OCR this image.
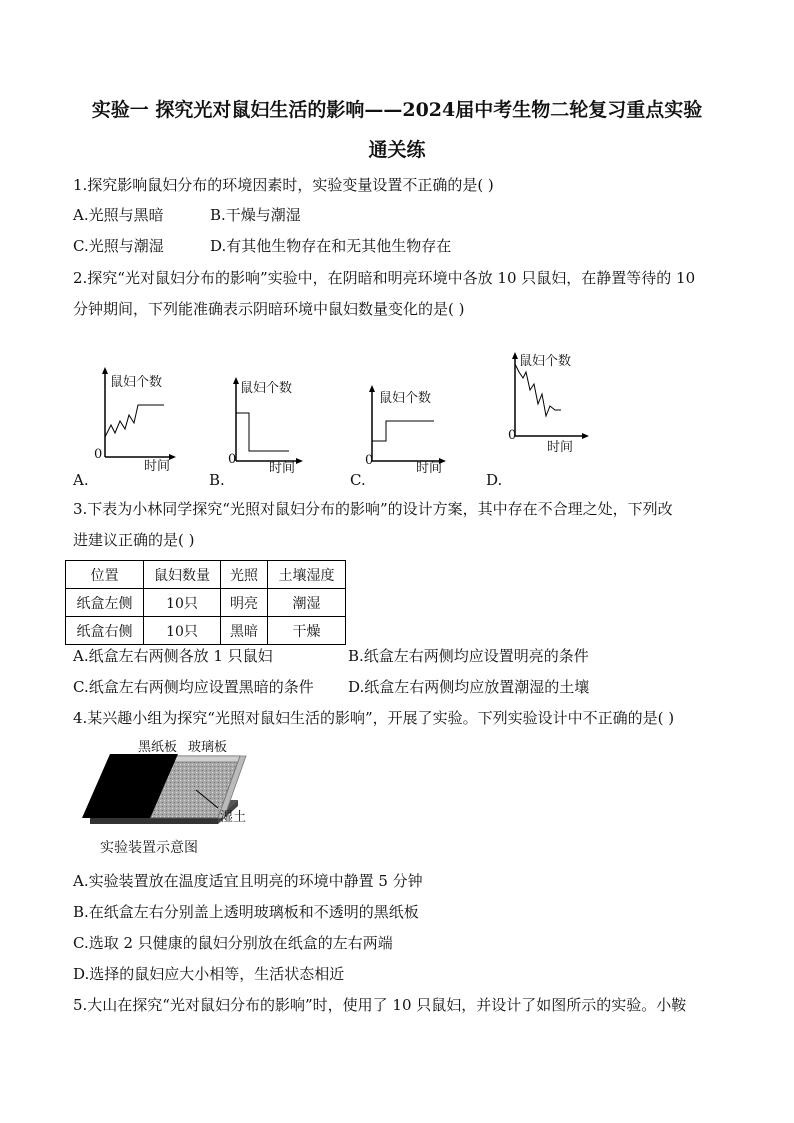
实验一 探究光对鼠妇生活的影响——2024届中考生物二轮复习重点实验
通关练
1.探究影响鼠妇分布的环境因素时，实验变量设置不正确的是( )
A.光照与黑暗	B.干燥与潮湿
C.光照与潮湿	D.有其他生物存在和无其他生物存在
2.探究“光对鼠妇分布的影响”实验中，在阴暗和明亮环境中各放 10 只鼠妇，在静置等待的 10
分钟期间，下列能准确表示阴暗环境中鼠妇数量变化的是( )
鼠妇个数
0
时间
A.
鼠妇个数
0
时间
B.
鼠妇个数
0
时间
C.
鼠妇个数
0
时间
D.
3.下表为小林同学探究“光照对鼠妇分布的影响”的设计方案，其中存在不合理之处，下列改
进建议正确的是( )
位置	鼠妇数量	光照	土壤湿度
纸盒左侧	10只	明亮	潮湿
纸盒右侧	10只	黑暗	干燥
A.纸盒左右两侧各放 1 只鼠妇	B.纸盒左右两侧均应设置明亮的条件
C.纸盒左右两侧均应设置黑暗的条件 D.纸盒左右两侧均应放置潮湿的土壤
4.某兴趣小组为探究“光照对鼠妇生活的影响”，开展了实验。下列实验设计中不正确的是( )
黑纸板 玻璃板
湿土
实验装置示意图
A.实验装置放在温度适宜且明亮的环境中静置 5 分钟
B.在纸盒左右分别盖上透明玻璃板和不透明的黑纸板
C.选取 2 只健康的鼠妇分别放在纸盒的左右两端
D.选择的鼠妇应大小相等，生活状态相近
5.大山在探究“光对鼠妇分布的影响”时，使用了 10 只鼠妇，并设计了如图所示的实验。小鞍
